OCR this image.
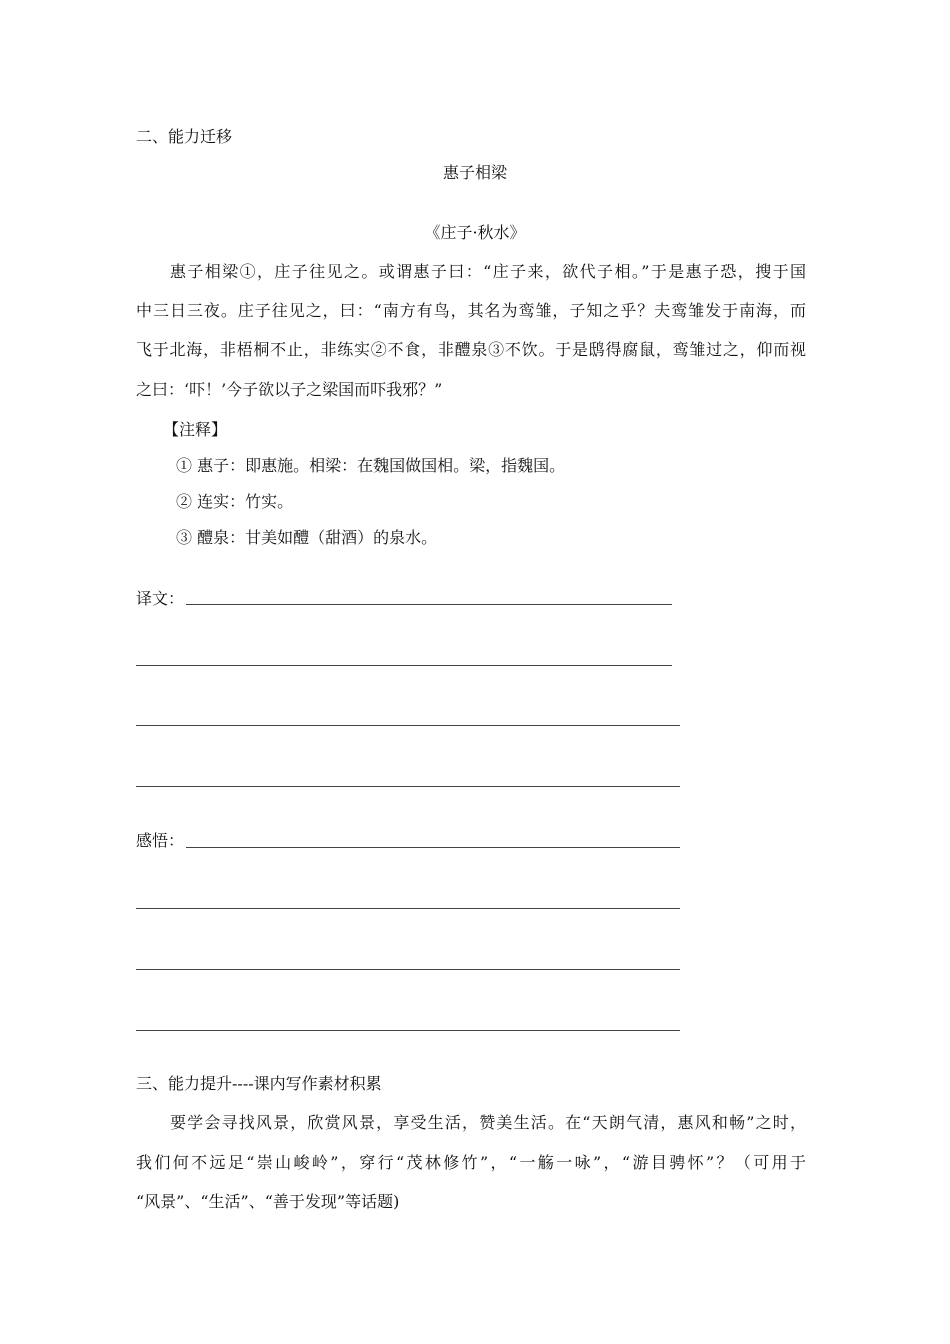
二、能力迁移
惠子相梁
《庄子·秋水》
惠子相梁①，庄子往见之。或谓惠子曰：“庄子来，欲代子相。”于是惠子恐，搜于国
中三日三夜。庄子往见之，曰：“南方有鸟，其名为鸾雏，子知之乎？夫鸾雏发于南海，而
飞于北海，非梧桐不止，非练实②不食，非醴泉③不饮。于是鸱得腐鼠，鸾雏过之，仰而视
之曰：‘吓！’今子欲以子之梁国而吓我邪？”
【注释】
① 惠子：即惠施。相梁：在魏国做国相。梁，指魏国。
② 连实：竹实。
③ 醴泉：甘美如醴（甜酒）的泉水。
译文：
感悟：
三、能力提升----课内写作素材积累
要学会寻找风景，欣赏风景，享受生活，赞美生活。在“天朗气清，惠风和畅”之时，
我们何不远足“崇山峻岭”，穿行“茂林修竹”，“一觞一咏”，“游目骋怀”？（可用于
“风景”、“生活”、“善于发现”等话题)
